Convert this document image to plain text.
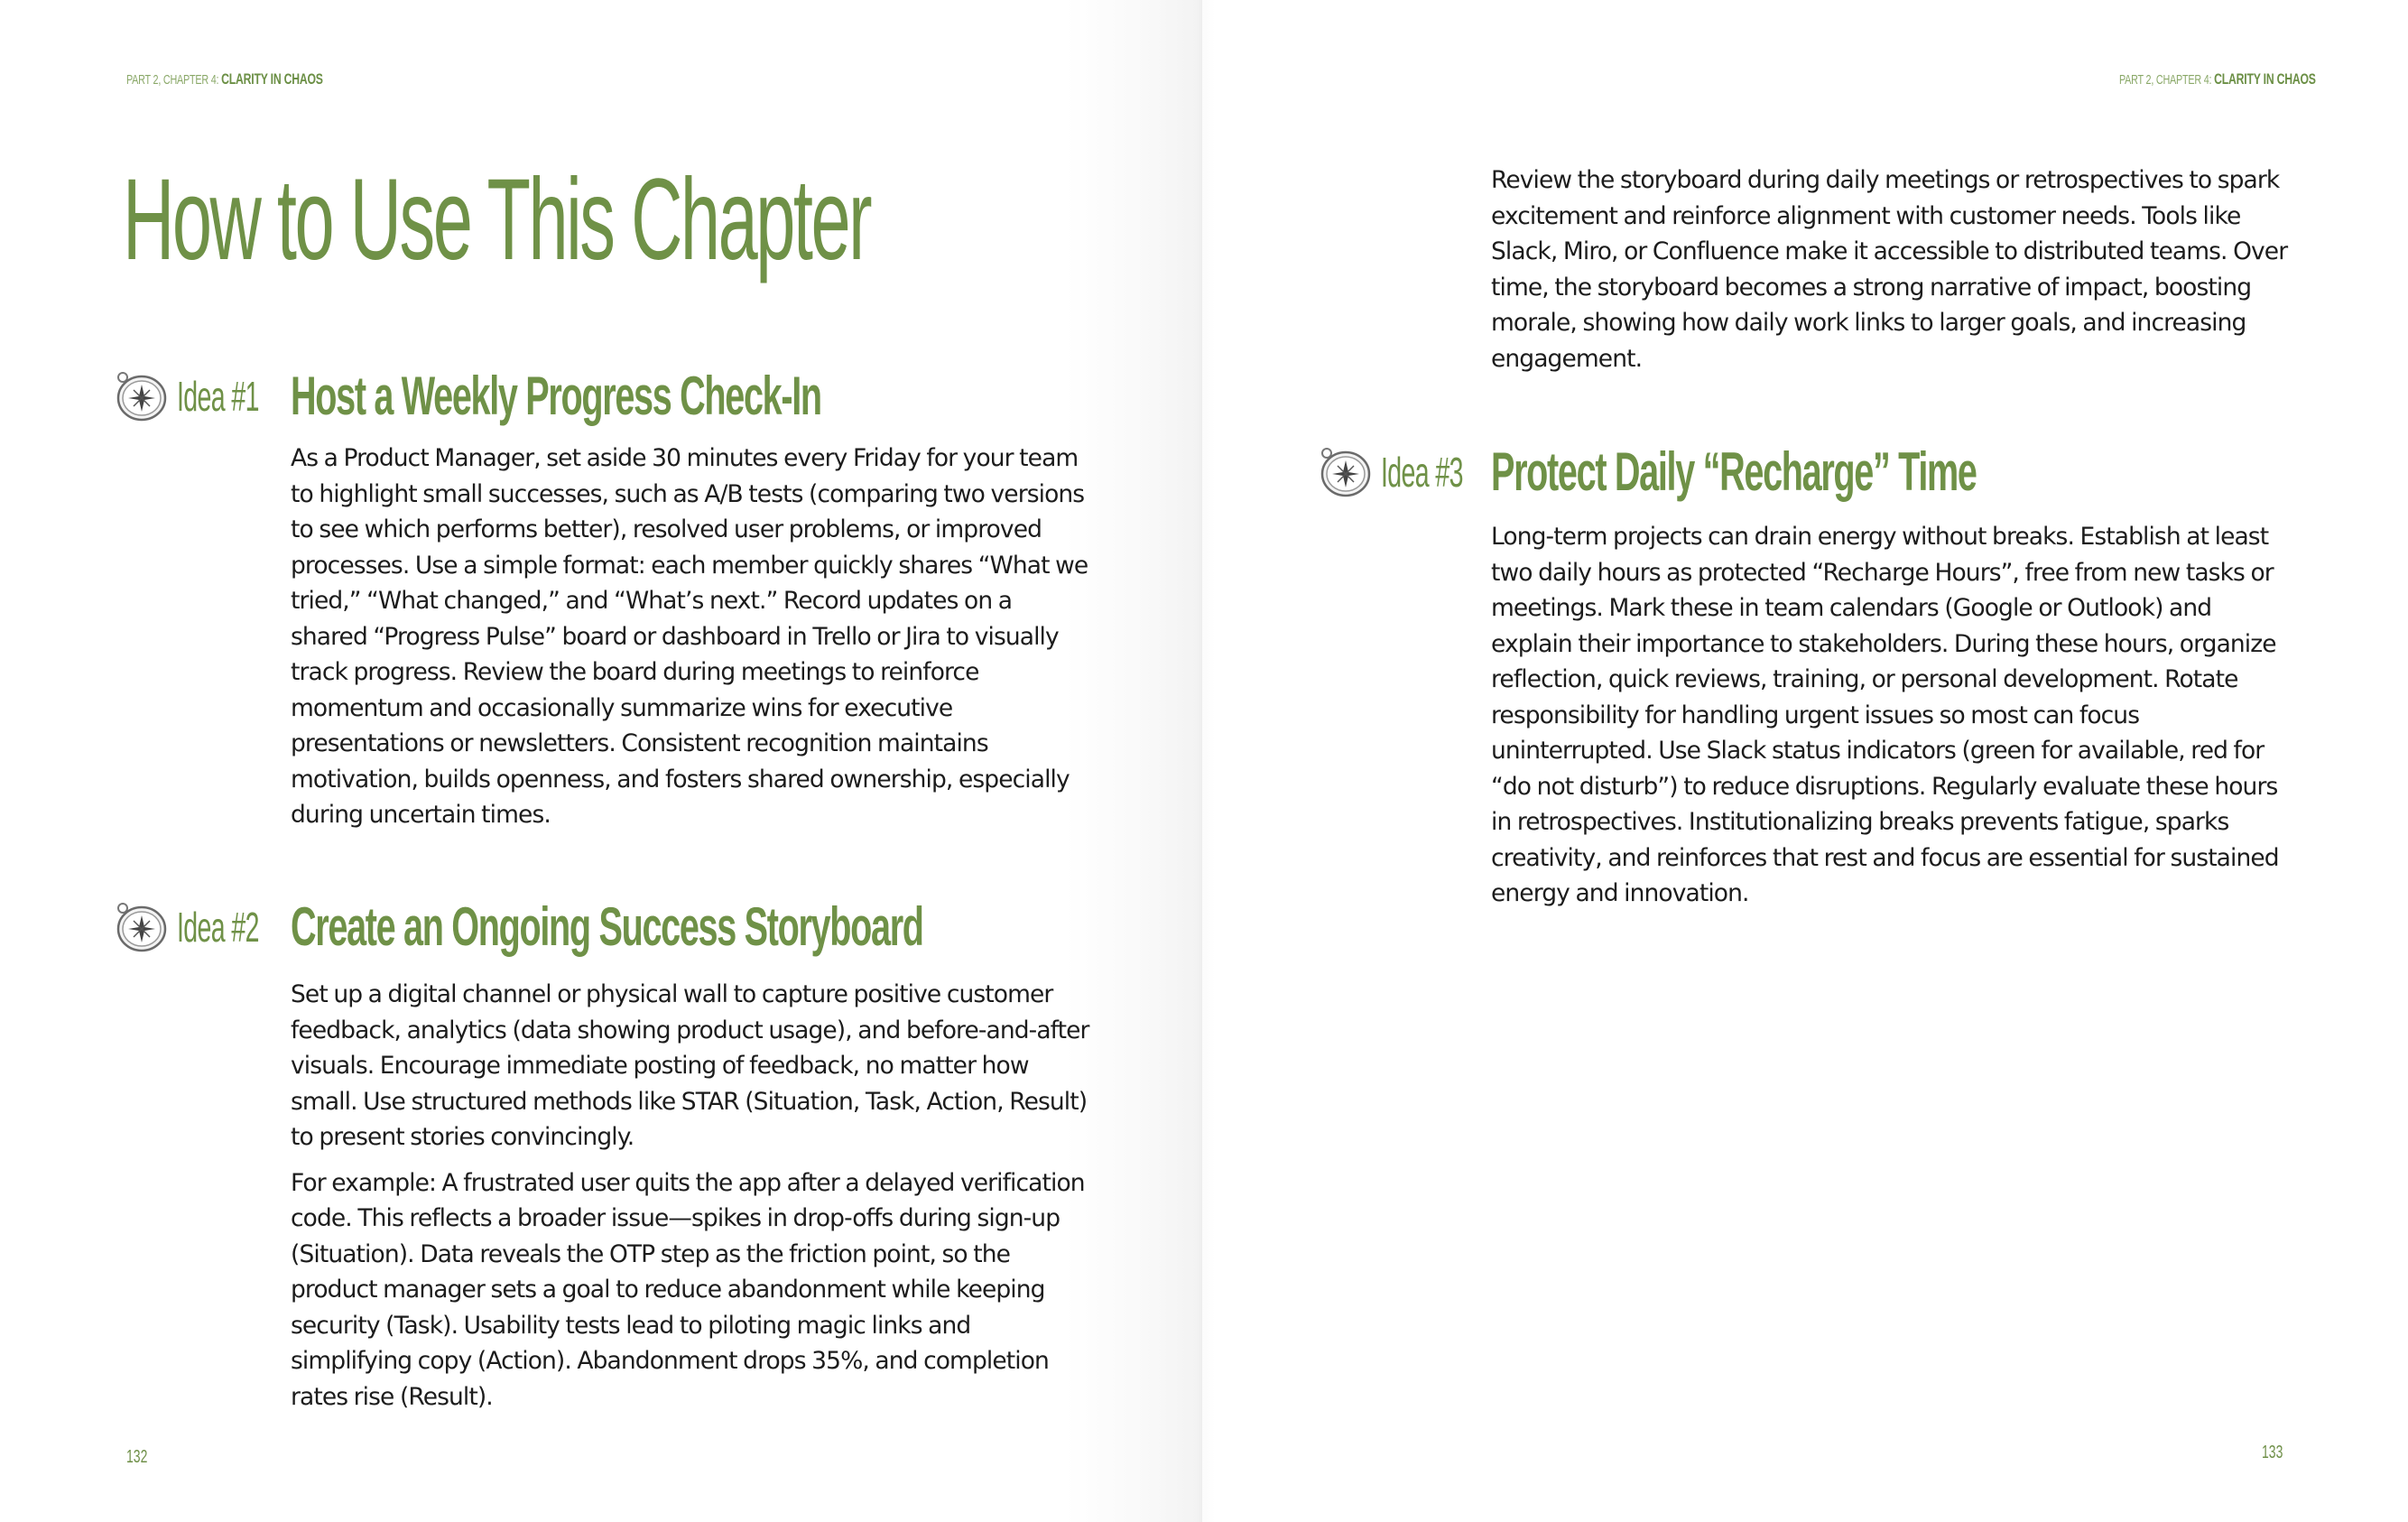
PART 2, CHAPTER 4: CLARITY IN CHAOS
How to Use This Chapter
Idea #1 Host a Weekly Progress Check-In

As a Product Manager, set aside 30 minutes every Friday for your team to highlight small successes, such as A/B tests (comparing two versions to see which performs better), resolved user problems, or improved processes. Use a simple format: each member quickly shares “What we tried,” “What changed,” and “What’s next.” Record updates on a shared “Progress Pulse” board or dashboard in Trello or Jira to visually track progress. Review the board during meetings to reinforce momentum and occasionally summarize wins for executive presentations or newsletters. Consistent recognition maintains motivation, builds openness, and fosters shared ownership, especially during uncertain times.

Idea #2 Create an Ongoing Success Storyboard

Set up a digital channel or physical wall to capture positive customer feedback, analytics (data showing product usage), and before-and-after visuals. Encourage immediate posting of feedback, no matter how small. Use structured methods like STAR (Situation, Task, Action, Result) to present stories convincingly.

For example: A frustrated user quits the app after a delayed verification code. This reflects a broader issue—spikes in drop-offs during sign-up (Situation). Data reveals the OTP step as the friction point, so the product manager sets a goal to reduce abandonment while keeping security (Task). Usability tests lead to piloting magic links and simplifying copy (Action). Abandonment drops 35%, and completion rates rise (Result).

132
PART 2, CHAPTER 4: CLARITY IN CHAOS

Review the storyboard during daily meetings or retrospectives to spark excitement and reinforce alignment with customer needs. Tools like Slack, Miro, or Confluence make it accessible to distributed teams. Over time, the storyboard becomes a strong narrative of impact, boosting morale, showing how daily work links to larger goals, and increasing engagement.

Idea #3 Protect Daily “Recharge” Time

Long-term projects can drain energy without breaks. Establish at least two daily hours as protected “Recharge Hours”, free from new tasks or meetings. Mark these in team calendars (Google or Outlook) and explain their importance to stakeholders. During these hours, organize reflection, quick reviews, training, or personal development. Rotate responsibility for handling urgent issues so most can focus uninterrupted. Use Slack status indicators (green for available, red for “do not disturb”) to reduce disruptions. Regularly evaluate these hours in retrospectives. Institutionalizing breaks prevents fatigue, sparks creativity, and reinforces that rest and focus are essential for sustained energy and innovation.

133
